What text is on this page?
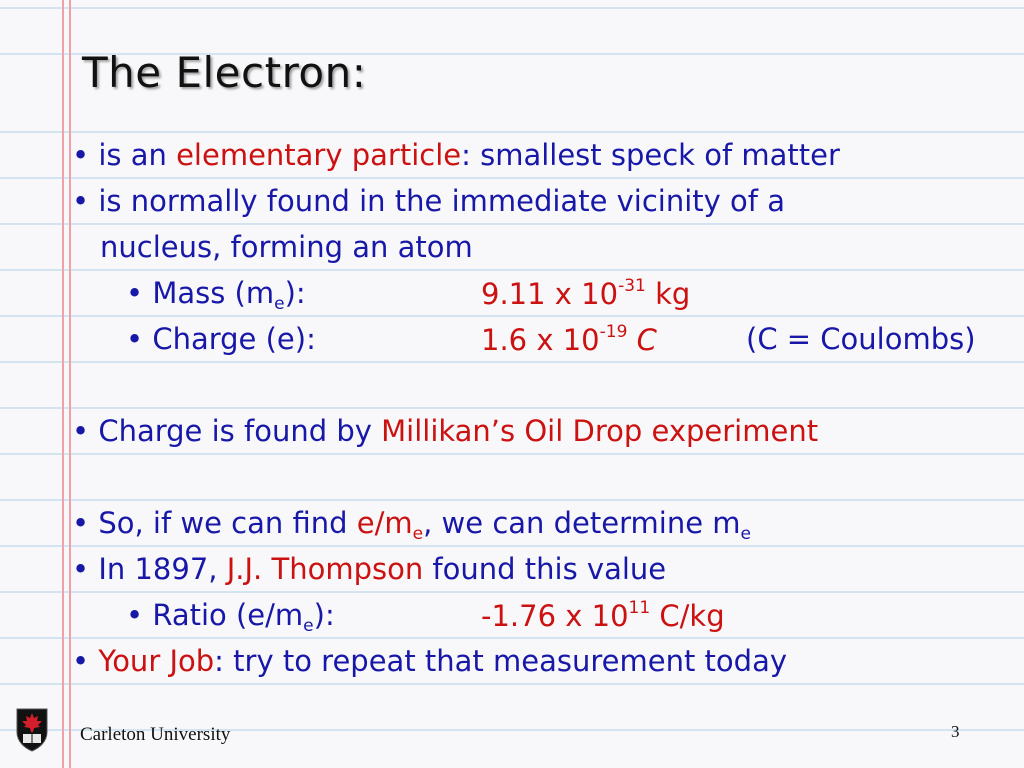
The Electron:
• is an elementary particle: smallest speck of matter
• is normally found in the immediate vicinity of a
nucleus, forming an atom
• Mass $(m_e)$:	9.11 x $10^{-31}$ kg
• Charge (e):	1.6 x $10^{-19}$ C	(C = Coulombs)
• Charge is found by Millikan’s Oil Drop experiment
• So, if we can find $e/m_e$, we can determine $m_e$
• In 1897, J.J. Thompson found this value
• Ratio $(e/m_e)$:	-1.76 x $10^{11}$ C/kg
• Your Job: try to repeat that measurement today
Carleton University	3
